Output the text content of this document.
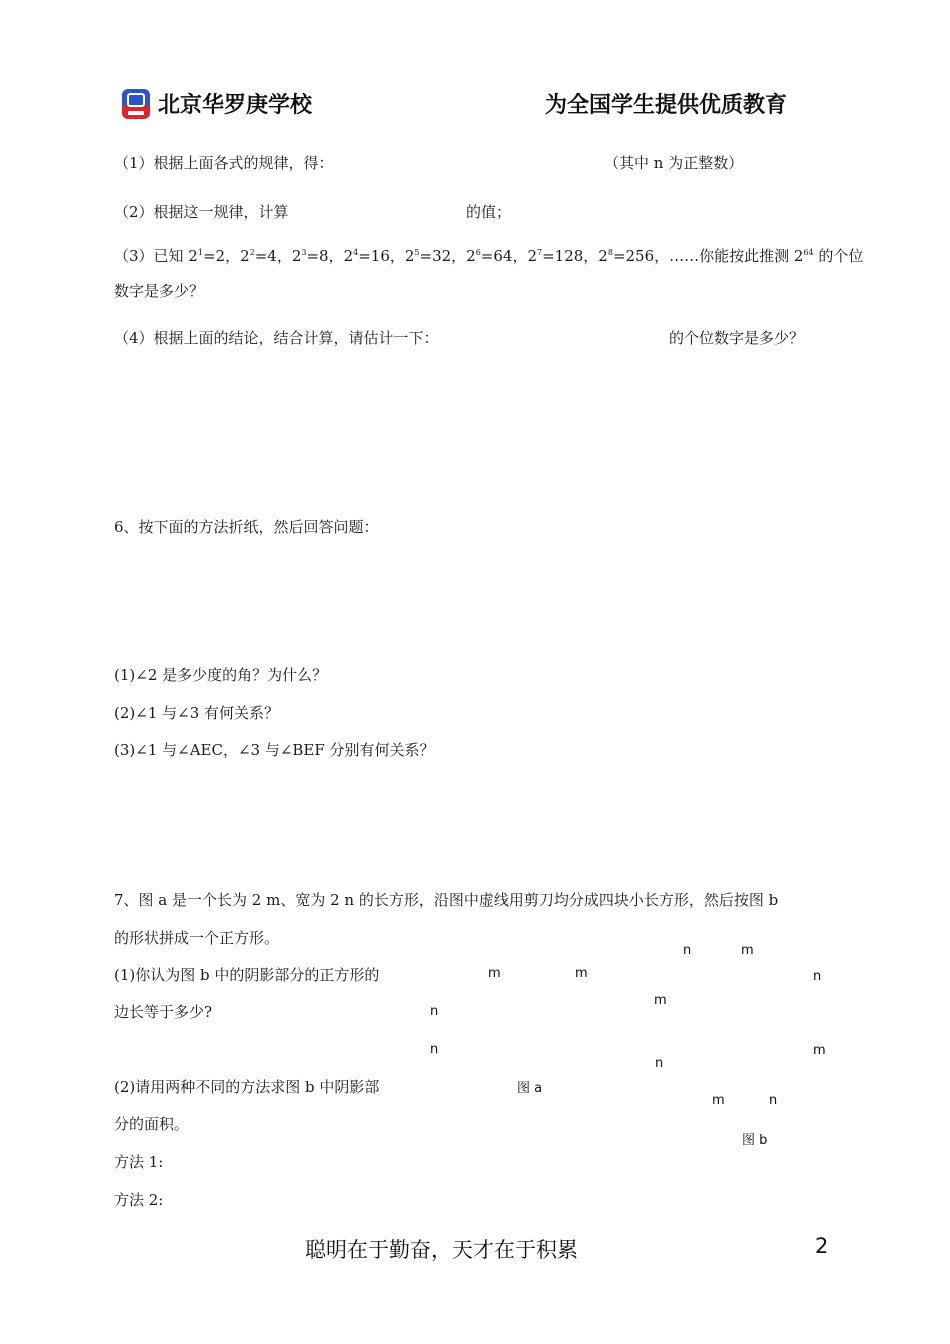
北京华罗庚学校	为全国学生提供优质教育
（1）根据上面各式的规律，得：	（其中 n 为正整数）
（2）根据这一规律，计算	的值；
（3）已知 $2^1=2$，$2^2=4$，$2^3=8$，$2^4=16$，$2^5=32$，$2^6=64$，$2^7=128$，$2^8=256$，……你能按此推测 $2^{64}$ 的个位
数字是多少？
（4）根据上面的结论，结合计算，请估计一下：	的个位数字是多少？
6、按下面的方法折纸，然后回答问题：
(1)∠2 是多少度的角？为什么？
(2)∠1 与∠3 有何关系？
(3)∠1 与∠AEC，∠3 与∠BEF 分别有何关系？
7、图 a 是一个长为 2 m、宽为 2 n 的长方形，沿图中虚线用剪刀均分成四块小长方形，然后按图 b
的形状拼成一个正方形。
(1)你认为图 b 中的阴影部分的正方形的
边长等于多少?
(2)请用两种不同的方法求图 b 中阴影部
分的面积。
方法 1:
方法 2:
m	m
n
n
图 a
n	m
n
m
m
n
m	n
图 b
聪明在于勤奋，天才在于积累	2
